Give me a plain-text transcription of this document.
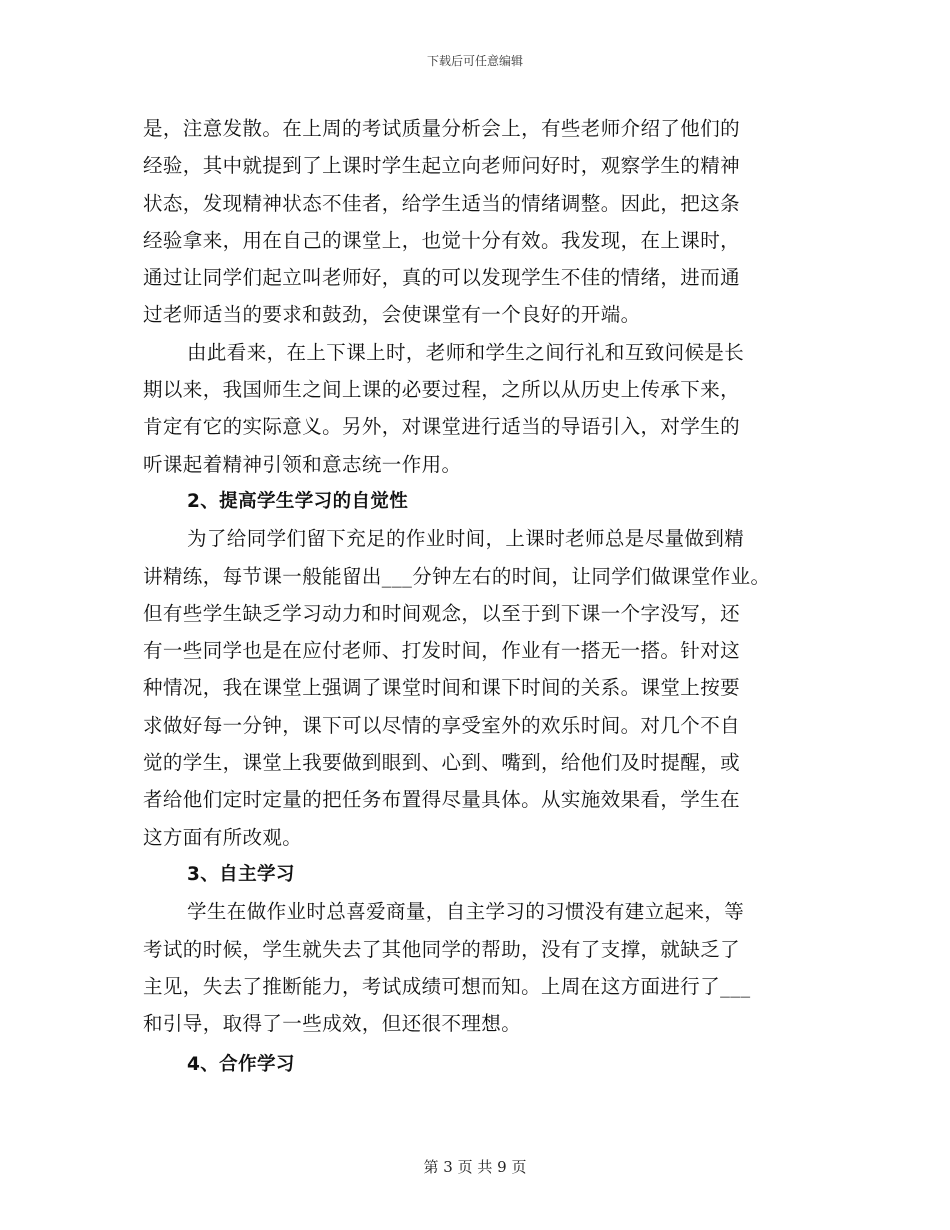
下载后可任意编辑
是，注意发散。在上周的考试质量分析会上，有些老师介绍了他们的
经验，其中就提到了上课时学生起立向老师问好时，观察学生的精神
状态，发现精神状态不佳者，给学生适当的情绪调整。因此，把这条
经验拿来，用在自己的课堂上，也觉十分有效。我发现，在上课时，
通过让同学们起立叫老师好，真的可以发现学生不佳的情绪，进而通
过老师适当的要求和鼓劲，会使课堂有一个良好的开端。
由此看来，在上下课上时，老师和学生之间行礼和互致问候是长
期以来，我国师生之间上课的必要过程，之所以从历史上传承下来，
肯定有它的实际意义。另外，对课堂进行适当的导语引入，对学生的
听课起着精神引领和意志统一作用。
2、提高学生学习的自觉性
为了给同学们留下充足的作业时间，上课时老师总是尽量做到精
讲精练，每节课一般能留出___分钟左右的时间，让同学们做课堂作业。
但有些学生缺乏学习动力和时间观念，以至于到下课一个字没写，还
有一些同学也是在应付老师、打发时间，作业有一搭无一搭。针对这
种情况，我在课堂上强调了课堂时间和课下时间的关系。课堂上按要
求做好每一分钟，课下可以尽情的享受室外的欢乐时间。对几个不自
觉的学生，课堂上我要做到眼到、心到、嘴到，给他们及时提醒，或
者给他们定时定量的把任务布置得尽量具体。从实施效果看，学生在
这方面有所改观。
3、自主学习
学生在做作业时总喜爱商量，自主学习的习惯没有建立起来，等
考试的时候，学生就失去了其他同学的帮助，没有了支撑，就缺乏了
主见，失去了推断能力，考试成绩可想而知。上周在这方面进行了___
和引导，取得了一些成效，但还很不理想。
4、合作学习
第 3 页 共 9 页
